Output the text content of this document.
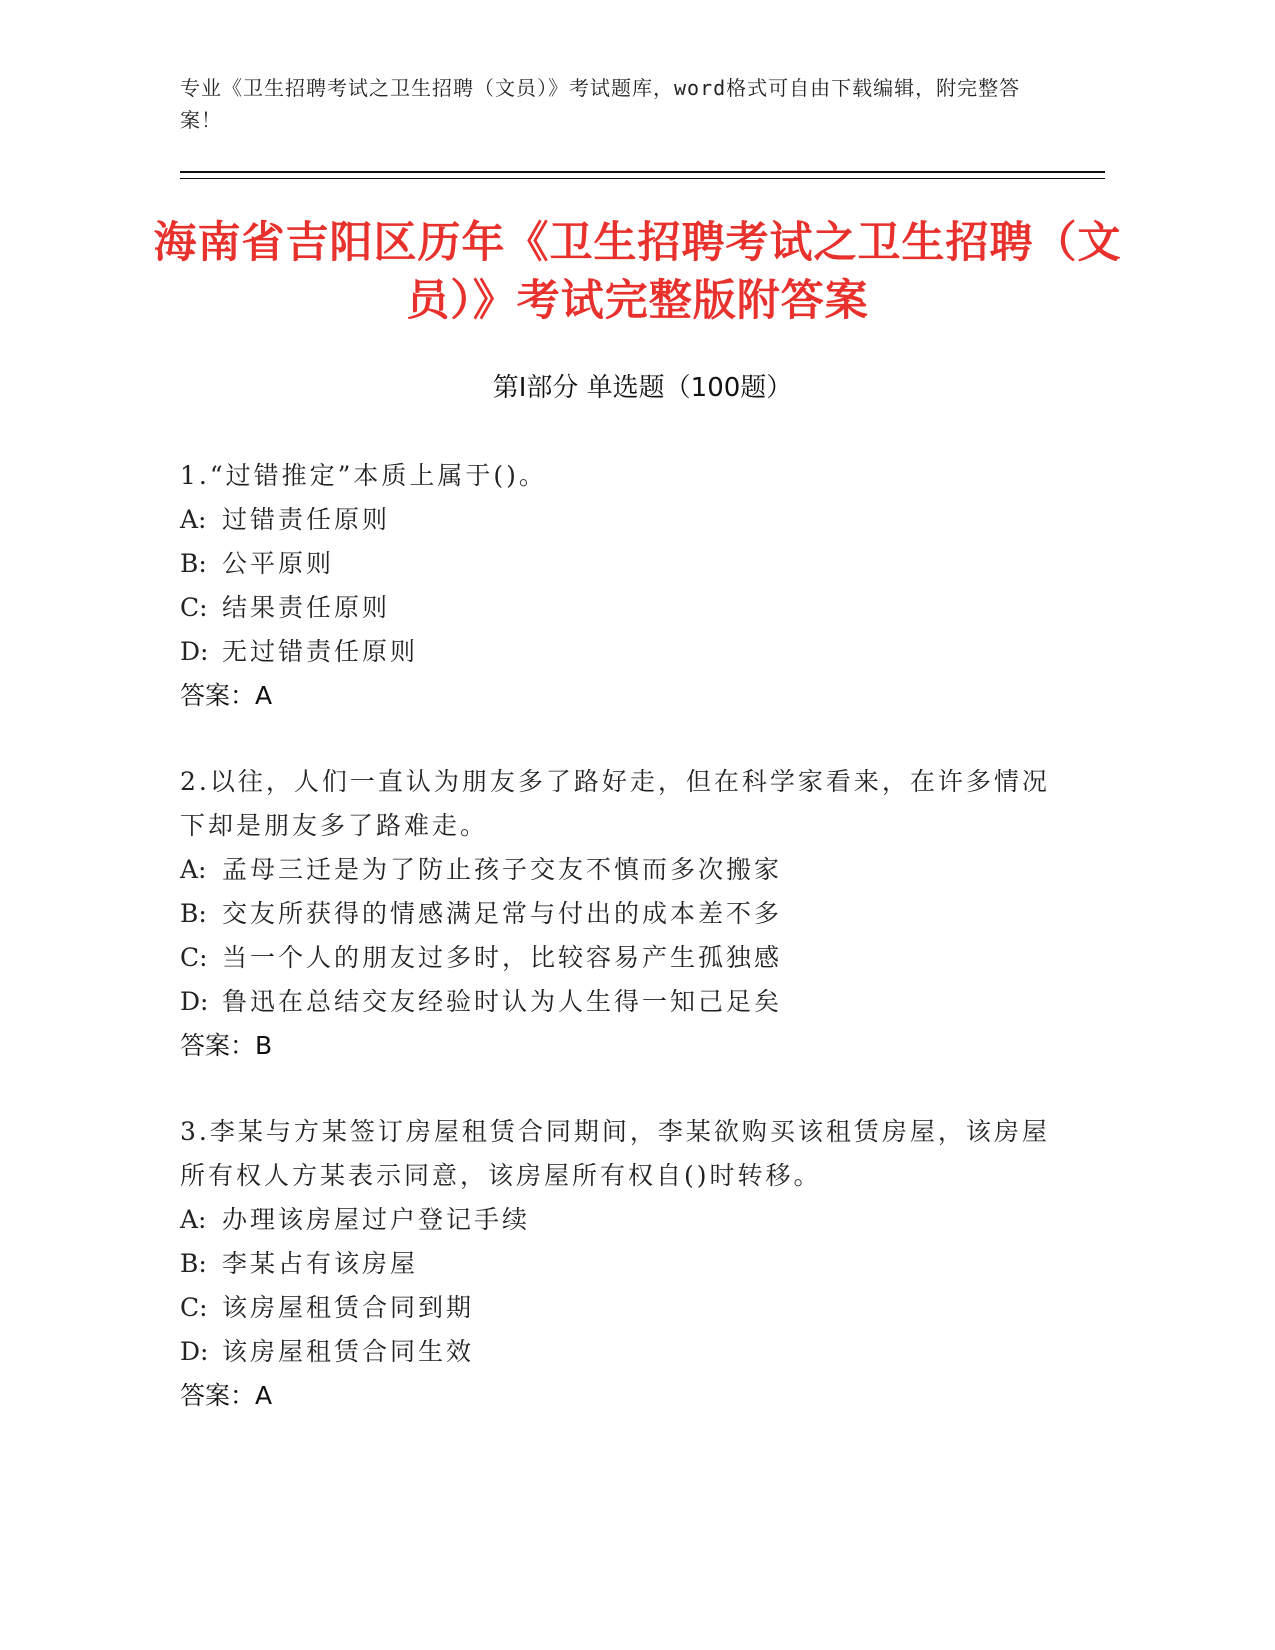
专业《卫生招聘考试之卫生招聘（文员）》考试题库，word格式可自由下载编辑，附完整答案！
海南省吉阳区历年《卫生招聘考试之卫生招聘（文员）》考试完整版附答案
第Ⅰ部分 单选题（100题）
1.“过错推定”本质上属于()。
A: 过错责任原则
B: 公平原则
C: 结果责任原则
D: 无过错责任原则
答案：A
2.以往，人们一直认为朋友多了路好走，但在科学家看来，在许多情况下却是朋友多了路难走。
A: 孟母三迁是为了防止孩子交友不慎而多次搬家
B: 交友所获得的情感满足常与付出的成本差不多
C: 当一个人的朋友过多时，比较容易产生孤独感
D: 鲁迅在总结交友经验时认为人生得一知己足矣
答案：B
3.李某与方某签订房屋租赁合同期间，李某欲购买该租赁房屋，该房屋所有权人方某表示同意，该房屋所有权自()时转移。
A: 办理该房屋过户登记手续
B: 李某占有该房屋
C: 该房屋租赁合同到期
D: 该房屋租赁合同生效
答案：A
